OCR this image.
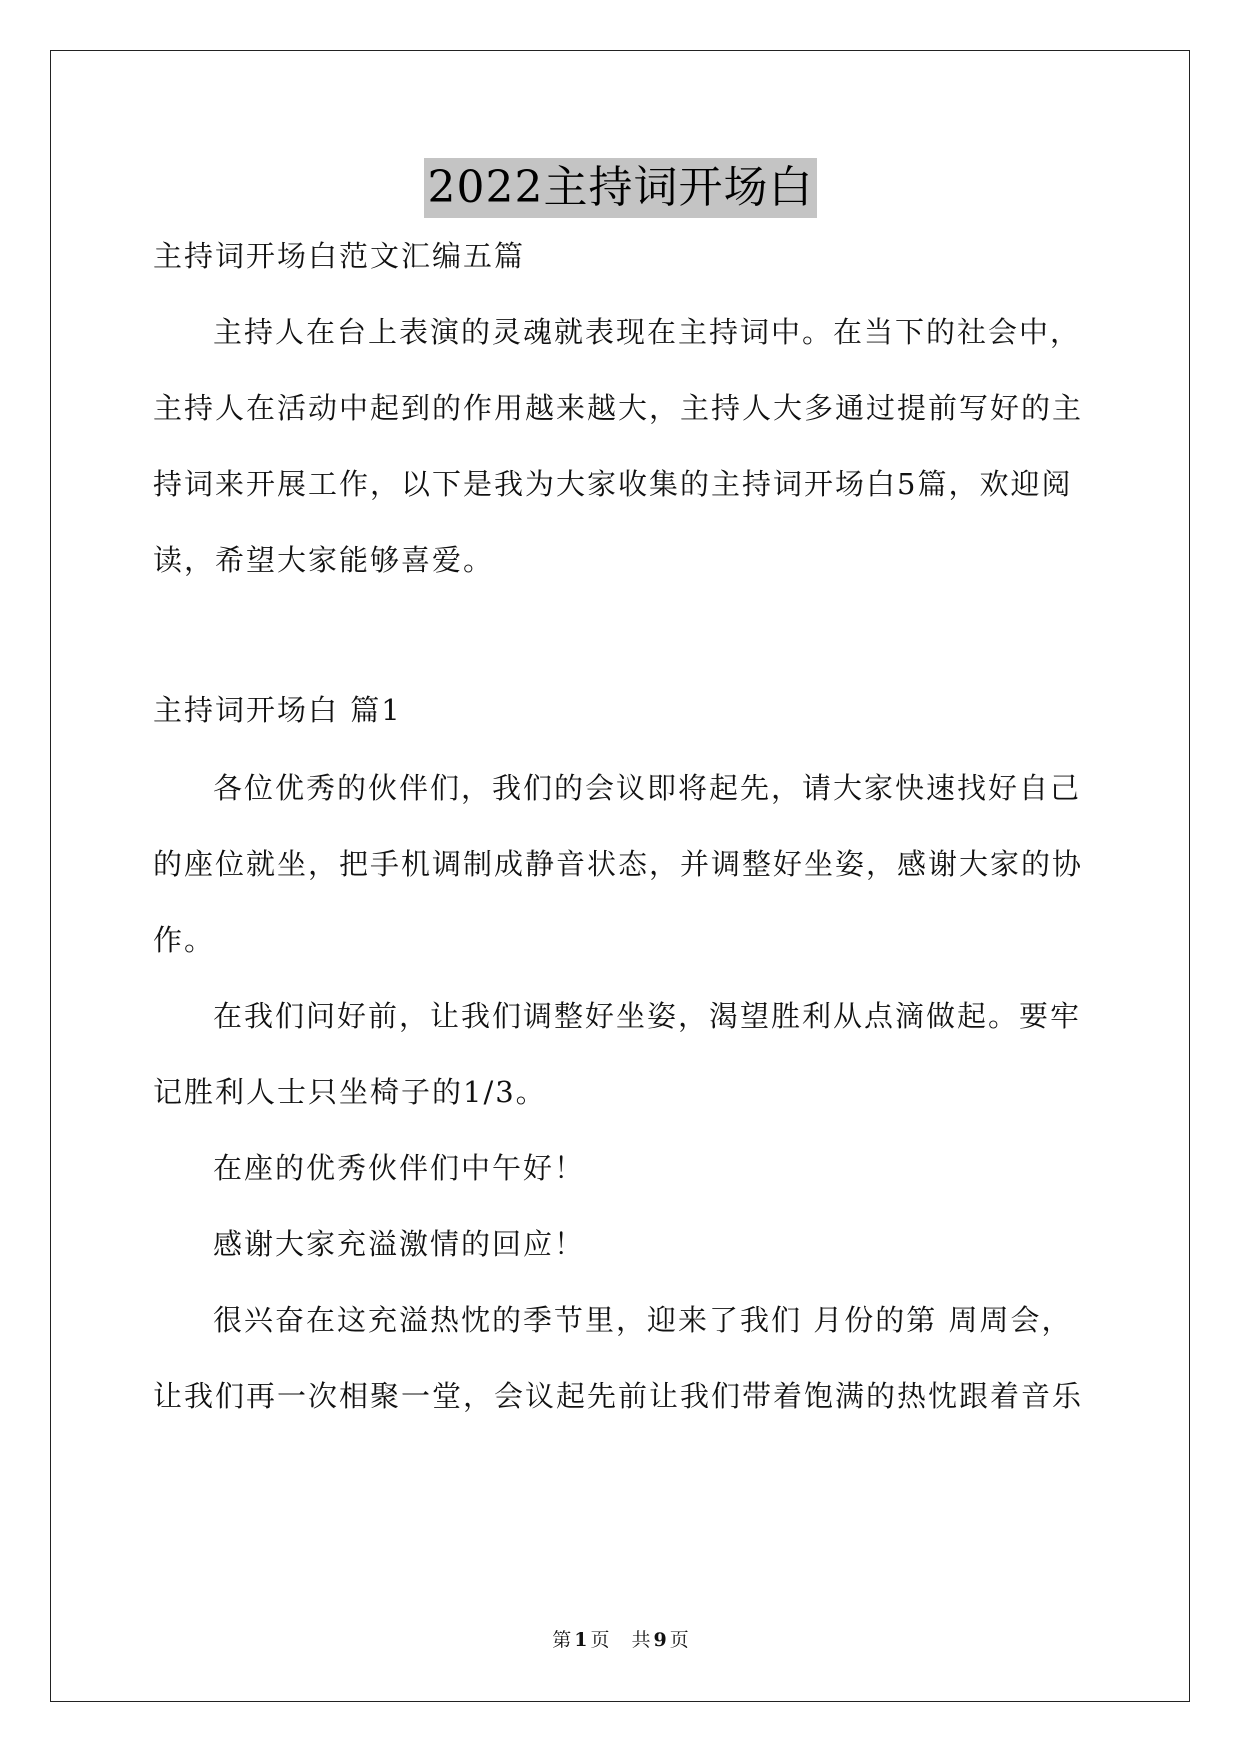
2022主持词开场白
主持词开场白范文汇编五篇
主持人在台上表演的灵魂就表现在主持词中。在当下的社会中，
主持人在活动中起到的作用越来越大，主持人大多通过提前写好的主
持词来开展工作，以下是我为大家收集的主持词开场白5篇，欢迎阅
读，希望大家能够喜爱。
主持词开场白 篇1
各位优秀的伙伴们，我们的会议即将起先，请大家快速找好自己
的座位就坐，把手机调制成静音状态，并调整好坐姿，感谢大家的协
作。
在我们问好前，让我们调整好坐姿，渴望胜利从点滴做起。要牢
记胜利人士只坐椅子的1/3。
在座的优秀伙伴们中午好！
感谢大家充溢激情的回应！
很兴奋在这充溢热忱的季节里，迎来了我们 月份的第 周周会，
让我们再一次相聚一堂，会议起先前让我们带着饱满的热忱跟着音乐
第 1 页 共 9 页
